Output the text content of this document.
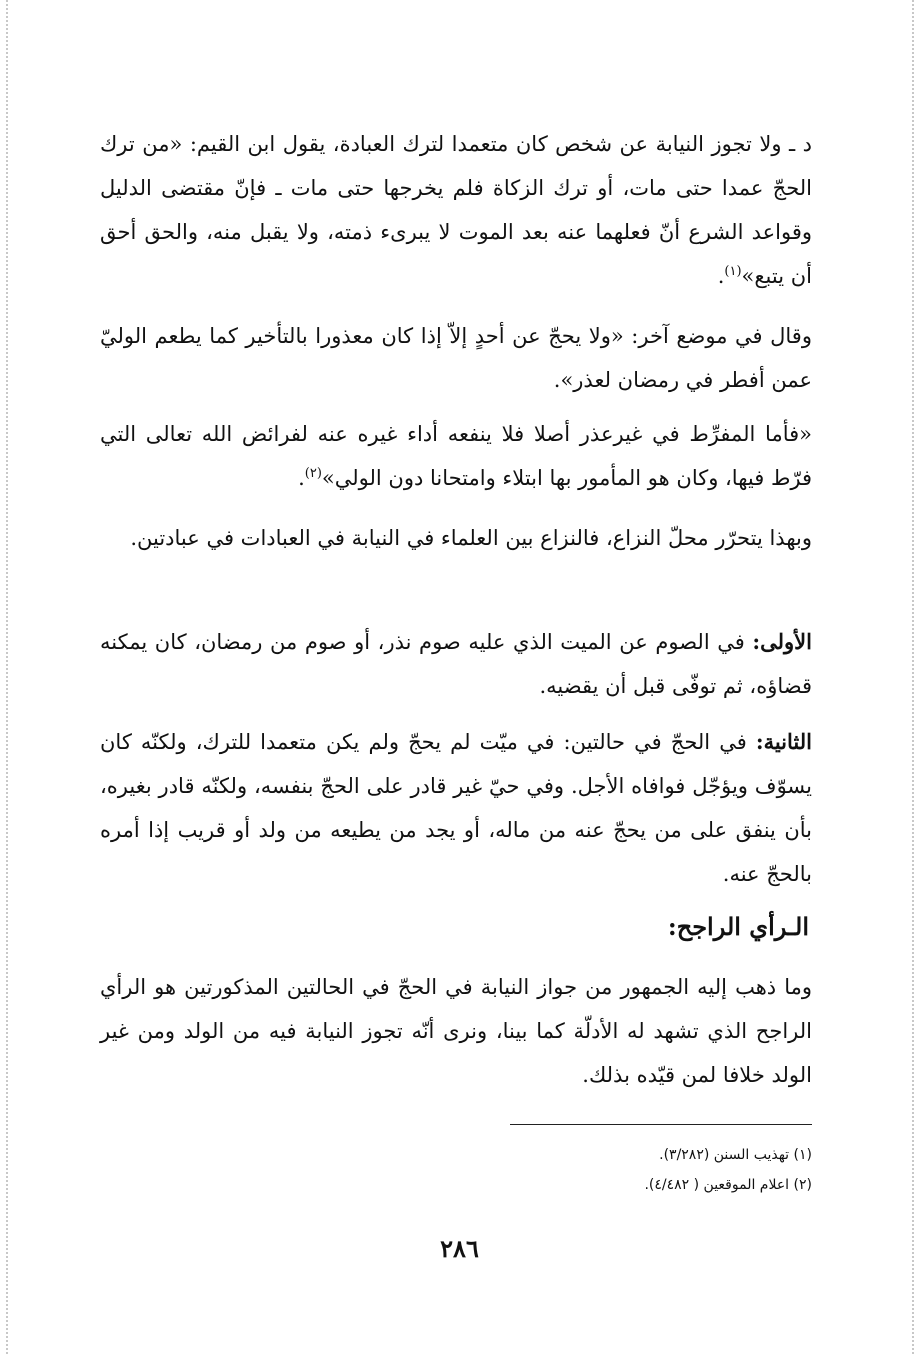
د ـ ولا تجوز النيابة عن شخص كان متعمدا لترك العبادة، يقول ابن القيم: «من ترك الحجّ عمدا حتى مات، أو ترك الزكاة فلم يخرجها حتى مات ـ فإنّ مقتضى الدليل وقواعد الشرع أنّ فعلهما عنه بعد الموت لا يبرىء ذمته، ولا يقبل منه، والحق أحق أن يتبع»$^{(١)}$.
وقال في موضع آخر: «ولا يحجّ عن أحدٍ إلاّ إذا كان معذورا بالتأخير كما يطعم الوليّ عمن أفطر في رمضان لعذر».
«فأما المفرِّط في غيرعذر أصلا فلا ينفعه أداء غيره عنه لفرائض الله تعالى التي فرّط فيها، وكان هو المأمور بها ابتلاء وامتحانا دون الولي»$^{(٢)}$.
وبهذا يتحرّر محلّ النزاع، فالنزاع بين العلماء في النيابة في العبادات في عبادتين.
الأولى: في الصوم عن الميت الذي عليه صوم نذر، أو صوم من رمضان، كان يمكنه قضاؤه، ثم توفّى قبل أن يقضيه.
الثانية: في الحجّ في حالتين: في ميّت لم يحجّ ولم يكن متعمدا للترك، ولكنّه كان يسوّف ويؤجّل فوافاه الأجل. وفي حيّ غير قادر على الحجّ بنفسه، ولكنّه قادر بغيره، بأن ينفق على من يحجّ عنه من ماله، أو يجد من يطيعه من ولد أو قريب إذا أمره بالحجّ عنه.
الـرأي الراجح:
وما ذهب إليه الجمهور من جواز النيابة في الحجّ في الحالتين المذكورتين هو الرأي الراجح الذي تشهد له الأدلّة كما بينا، ونرى أنّه تجوز النيابة فيه من الولد ومن غير الولد خلافا لمن قيّده بذلك.
(١) تهذيب السنن (٣/٢٨٢).
(٢) اعلام الموقعين ( ٤/٤٨٢).
٢٨٦
